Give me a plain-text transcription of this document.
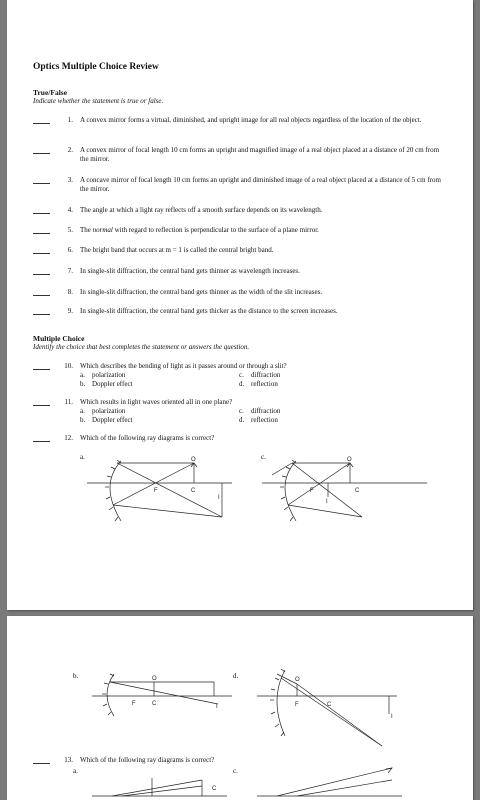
Optics Multiple Choice Review
True/False
Indicate whether the statement is true or false.
1. A convex mirror forms a virtual, diminished, and upright image for all real objects regardless of the location of the object.
2. A convex mirror of focal length 10 cm forms an upright and magnified image of a real object placed at a distance of 20 cm from the mirror.
3. A concave mirror of focal length 10 cm forms an upright and diminished image of a real object placed at a distance of 5 cm from the mirror.
4. The angle at which a light ray reflects off a smooth surface depends on its wavelength.
5. The normal with regard to reflection is perpendicular to the surface of a plane mirror.
6. The bright band that occurs at m = 1 is called the central bright band.
7. In single-slit diffraction, the central band gets thinner as wavelength increases.
8. In single-slit diffraction, the central band gets thinner as the width of the slit increases.
9. In single-slit diffraction, the central band gets thicker as the distance to the screen increases.
Multiple Choice
Identify the choice that best completes the statement or answers the question.
10. Which describes the bending of light as it passes around or through a slit?
a. polarization	c. diffraction
b. Doppler effect	d. reflection
11. Which results in light waves oriented all in one plane?
a. polarization	c. diffraction
b. Doppler effect	d. reflection
12. Which of the following ray diagrams is correct?
a.	O
F	C
I
c.	O
F	C
I
b.	O
F	C	I
d.	O
F	C
I
13. Which of the following ray diagrams is correct?
a.
C
c.
